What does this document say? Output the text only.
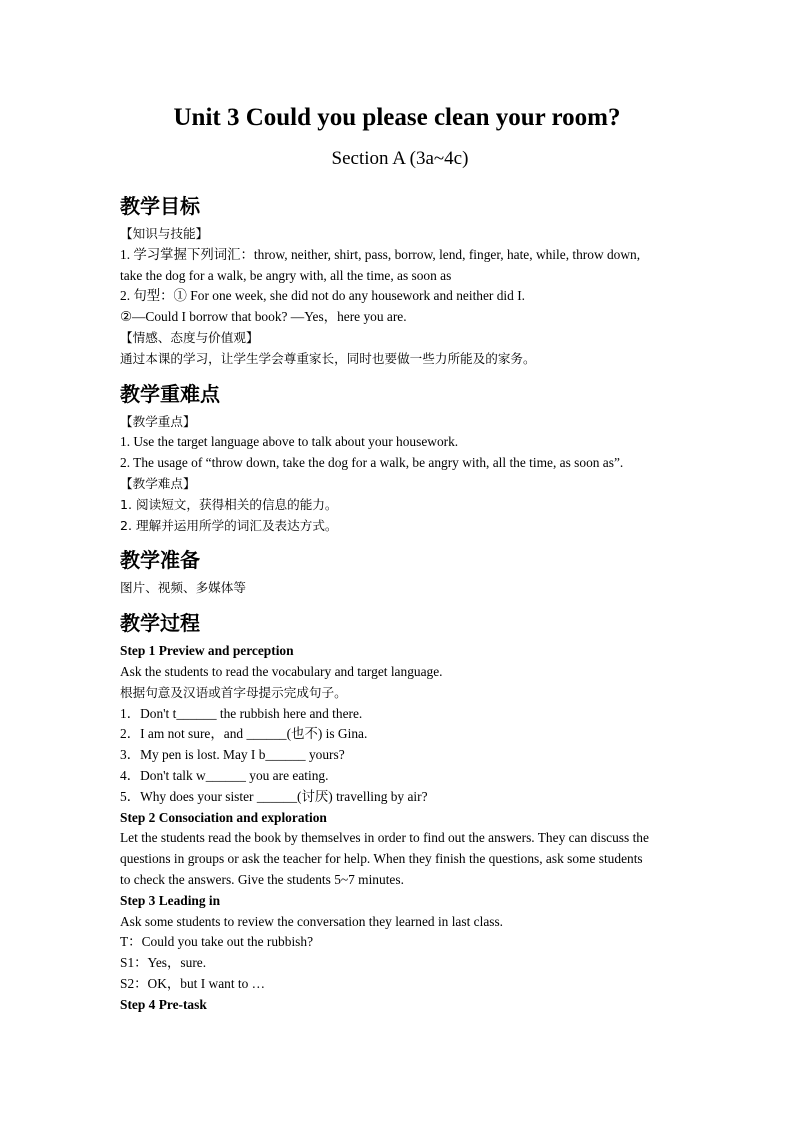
Unit 3 Could you please clean your room?
Section A (3a~4c)
教学目标
【知识与技能】
1. 学习掌握下列词汇：throw, neither, shirt, pass, borrow, lend, finger, hate, while, throw down,
take the dog for a walk, be angry with, all the time, as soon as
2. 句型：① For one week, she did not do any housework and neither did I.
②—Could I borrow that book? —Yes，here you are.
【情感、态度与价值观】
通过本课的学习，让学生学会尊重家长，同时也要做一些力所能及的家务。
教学重难点
【教学重点】
1. Use the target language above to talk about your housework.
2. The usage of “throw down, take the dog for a walk, be angry with, all the time, as soon as”.
【教学难点】
1. 阅读短文，获得相关的信息的能力。
2. 理解并运用所学的词汇及表达方式。
教学准备
图片、视频、多媒体等
教学过程
Step 1 Preview and perception
Ask the students to read the vocabulary and target language.
根据句意及汉语或首字母提示完成句子。
1．Don't t______ the rubbish here and there.
2．I am not sure，and ______(也不) is Gina.
3．My pen is lost. May I b______ yours?
4．Don't talk w______ you are eating.
5．Why does your sister ______(讨厌) travelling by air?
Step 2 Consociation and exploration
Let the students read the book by themselves in order to find out the answers. They can discuss the
questions in groups or ask the teacher for help. When they finish the questions, ask some students
to check the answers. Give the students 5~7 minutes.
Step 3 Leading in
Ask some students to review the conversation they learned in last class.
T：Could you take out the rubbish?
S1：Yes，sure.
S2：OK，but I want to …
Step 4 Pre-task
